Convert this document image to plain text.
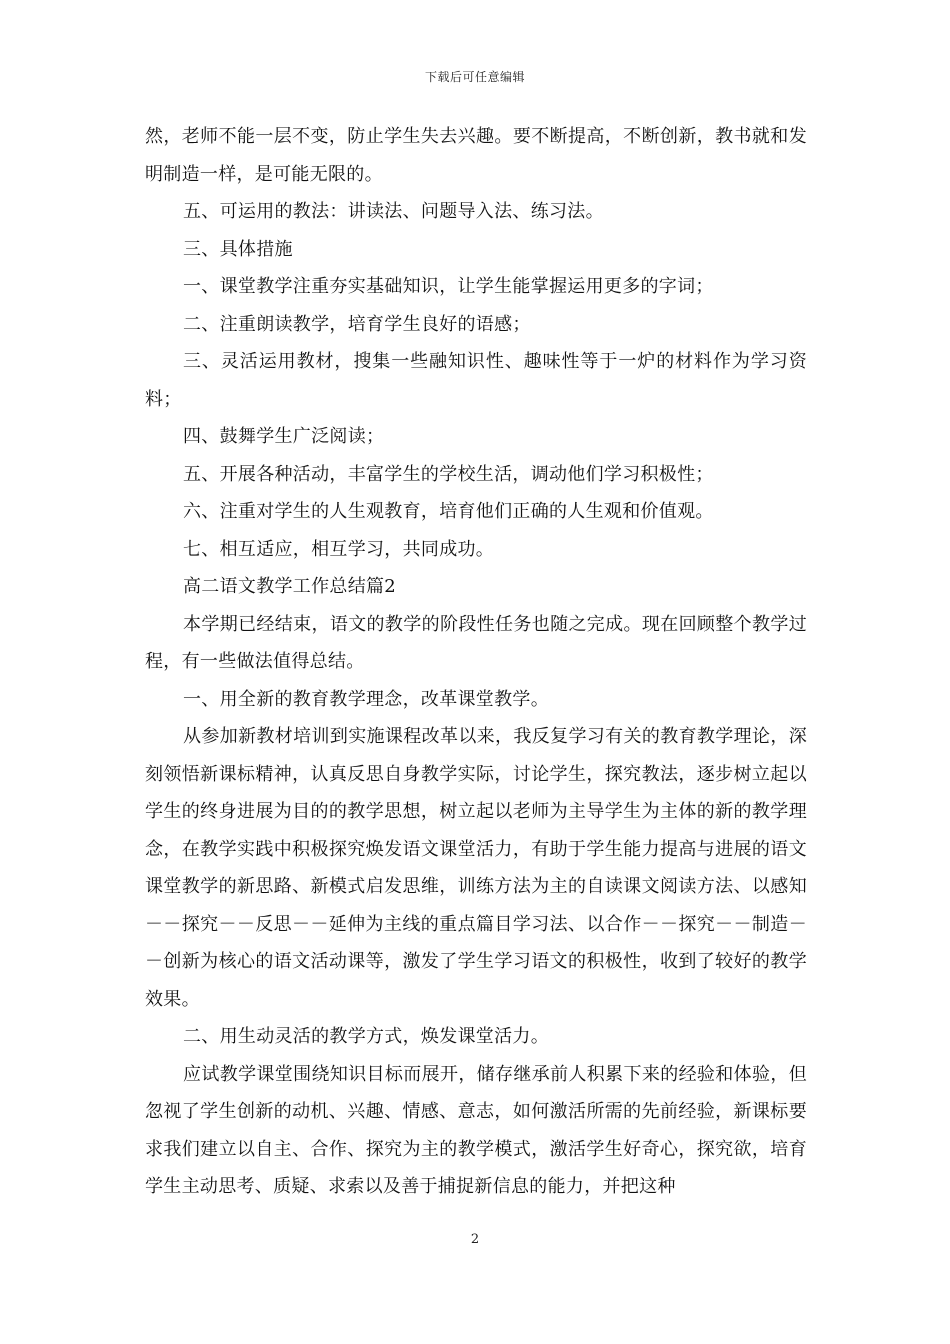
下载后可任意编辑

然，老师不能一层不变，防止学生失去兴趣。要不断提高，不断创新，教书就和发明制造一样，是可能无限的。

五、可运用的教法：讲读法、问题导入法、练习法。

三、具体措施

一、课堂教学注重夯实基础知识，让学生能掌握运用更多的字词；

二、注重朗读教学，培育学生良好的语感；

三、灵活运用教材，搜集一些融知识性、趣味性等于一炉的材料作为学习资料；

四、鼓舞学生广泛阅读；

五、开展各种活动，丰富学生的学校生活，调动他们学习积极性；

六、注重对学生的人生观教育，培育他们正确的人生观和价值观。

七、相互适应，相互学习，共同成功。

高二语文教学工作总结篇2

本学期已经结束，语文的教学的阶段性任务也随之完成。现在回顾整个教学过程，有一些做法值得总结。

一、用全新的教育教学理念，改革课堂教学。

从参加新教材培训到实施课程改革以来，我反复学习有关的教育教学理论，深刻领悟新课标精神，认真反思自身教学实际，讨论学生，探究教法，逐步树立起以学生的终身进展为目的的教学思想，树立起以老师为主导学生为主体的新的教学理念，在教学实践中积极探究焕发语文课堂活力，有助于学生能力提高与进展的语文课堂教学的新思路、新模式启发思维，训练方法为主的自读课文阅读方法、以感知－－探究－－反思－－延伸为主线的重点篇目学习法、以合作－－探究－－制造－－创新为核心的语文活动课等，激发了学生学习语文的积极性，收到了较好的教学效果。

二、用生动灵活的教学方式，焕发课堂活力。

应试教学课堂围绕知识目标而展开，储存继承前人积累下来的经验和体验，但忽视了学生创新的动机、兴趣、情感、意志，如何激活所需的先前经验，新课标要求我们建立以自主、合作、探究为主的教学模式，激活学生好奇心，探究欲，培育学生主动思考、质疑、求索以及善于捕捉新信息的能力，并把这种

2
